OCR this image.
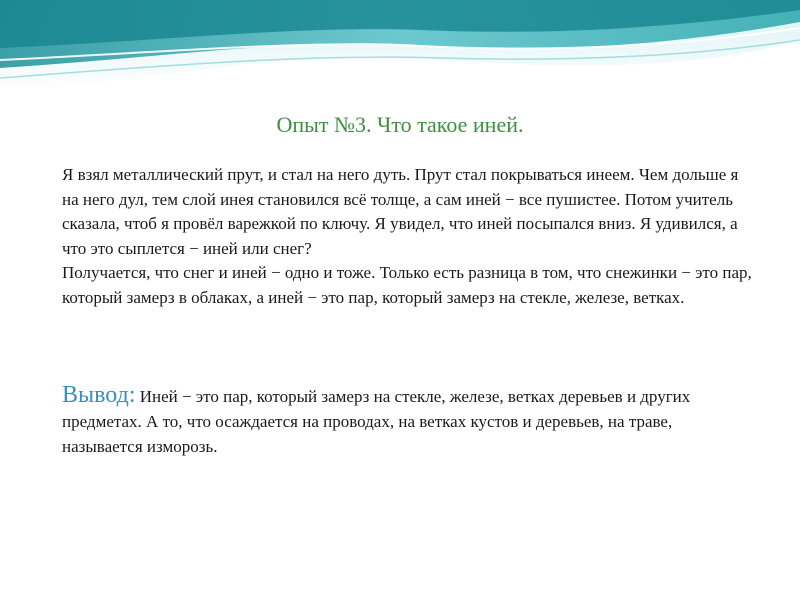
Опыт №3. Что такое иней.

Я взял металлический прут, и стал на него дуть. Прут стал покрываться инеем. Чем дольше я на него дул, тем слой инея становился всё толще, а сам иней − все пушистее. Потом учитель сказала, чтоб я провёл варежкой по ключу. Я увидел, что иней посыпался вниз. Я удивился, а что это сыплется − иней или снег?

Получается, что снег и иней − одно и тоже. Только есть разница в том, что снежинки − это пар, который замерз в облаках, а иней − это пар, который замерз на стекле, железе, ветках.

Вывод: Иней − это пар, который замерз на стекле, железе, ветках деревьев и других предметах. А то, что осаждается на проводах, на ветках кустов и деревьев, на траве, называется изморозь.
